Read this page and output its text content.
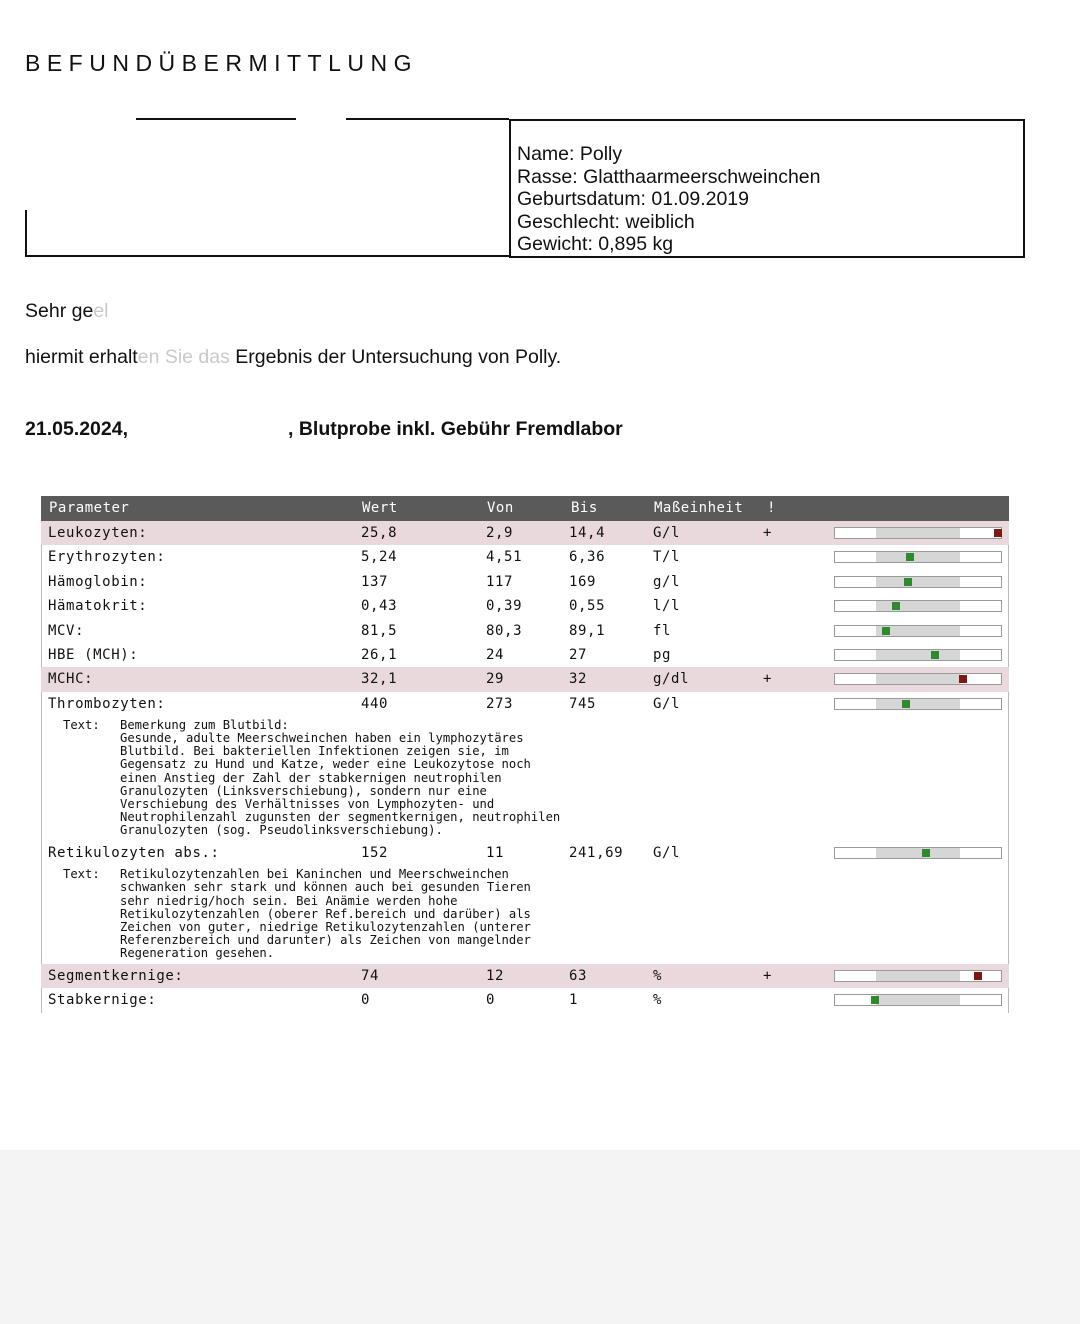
BEFUNDÜBERMITTLUNG
Name: Polly
Rasse: Glatthaarmeerschweinchen
Geburtsdatum: 01.09.2019
Geschlecht: weiblich
Gewicht: 0,895 kg
Sehr geel
hiermit erhalten Sie das Ergebnis der Untersuchung von Polly.
21.05.2024,	, Blutprobe inkl. Gebühr Fremdlabor
Parameter	Wert	Von	Bis	Maßeinheit !
Leukozyten:	25,8	2,9	14,4	G/l	+
Erythrozyten:	5,24	4,51	6,36	T/l
Hämoglobin:	137	117	169	g/l
Hämatokrit:	0,43	0,39	0,55	l/l
MCV:	81,5	80,3	89,1	fl
HBE (MCH):	26,1	24	27	pg
MCHC:	32,1	29	32	g/dl	+
Thrombozyten:	440	273	745	G/l
Text: Bemerkung zum Blutbild:
Gesunde, adulte Meerschweinchen haben ein lymphozytäres
Blutbild. Bei bakteriellen Infektionen zeigen sie, im
Gegensatz zu Hund und Katze, weder eine Leukozytose noch
einen Anstieg der Zahl der stabkernigen neutrophilen
Granulozyten (Linksverschiebung), sondern nur eine
Verschiebung des Verhältnisses von Lymphozyten- und
Neutrophilenzahl zugunsten der segmentkernigen, neutrophilen
Granulozyten (sog. Pseudolinksverschiebung).
Retikulozyten abs.:	152	11	241,69 G/l
Text: Retikulozytenzahlen bei Kaninchen und Meerschweinchen
schwanken sehr stark und können auch bei gesunden Tieren
sehr niedrig/hoch sein. Bei Anämie werden hohe
Retikulozytenzahlen (oberer Ref.bereich und darüber) als
Zeichen von guter, niedrige Retikulozytenzahlen (unterer
Referenzbereich und darunter) als Zeichen von mangelnder
Regeneration gesehen.
Segmentkernige:	74	12	63	%	+
Stabkernige:	0	0	1	%
